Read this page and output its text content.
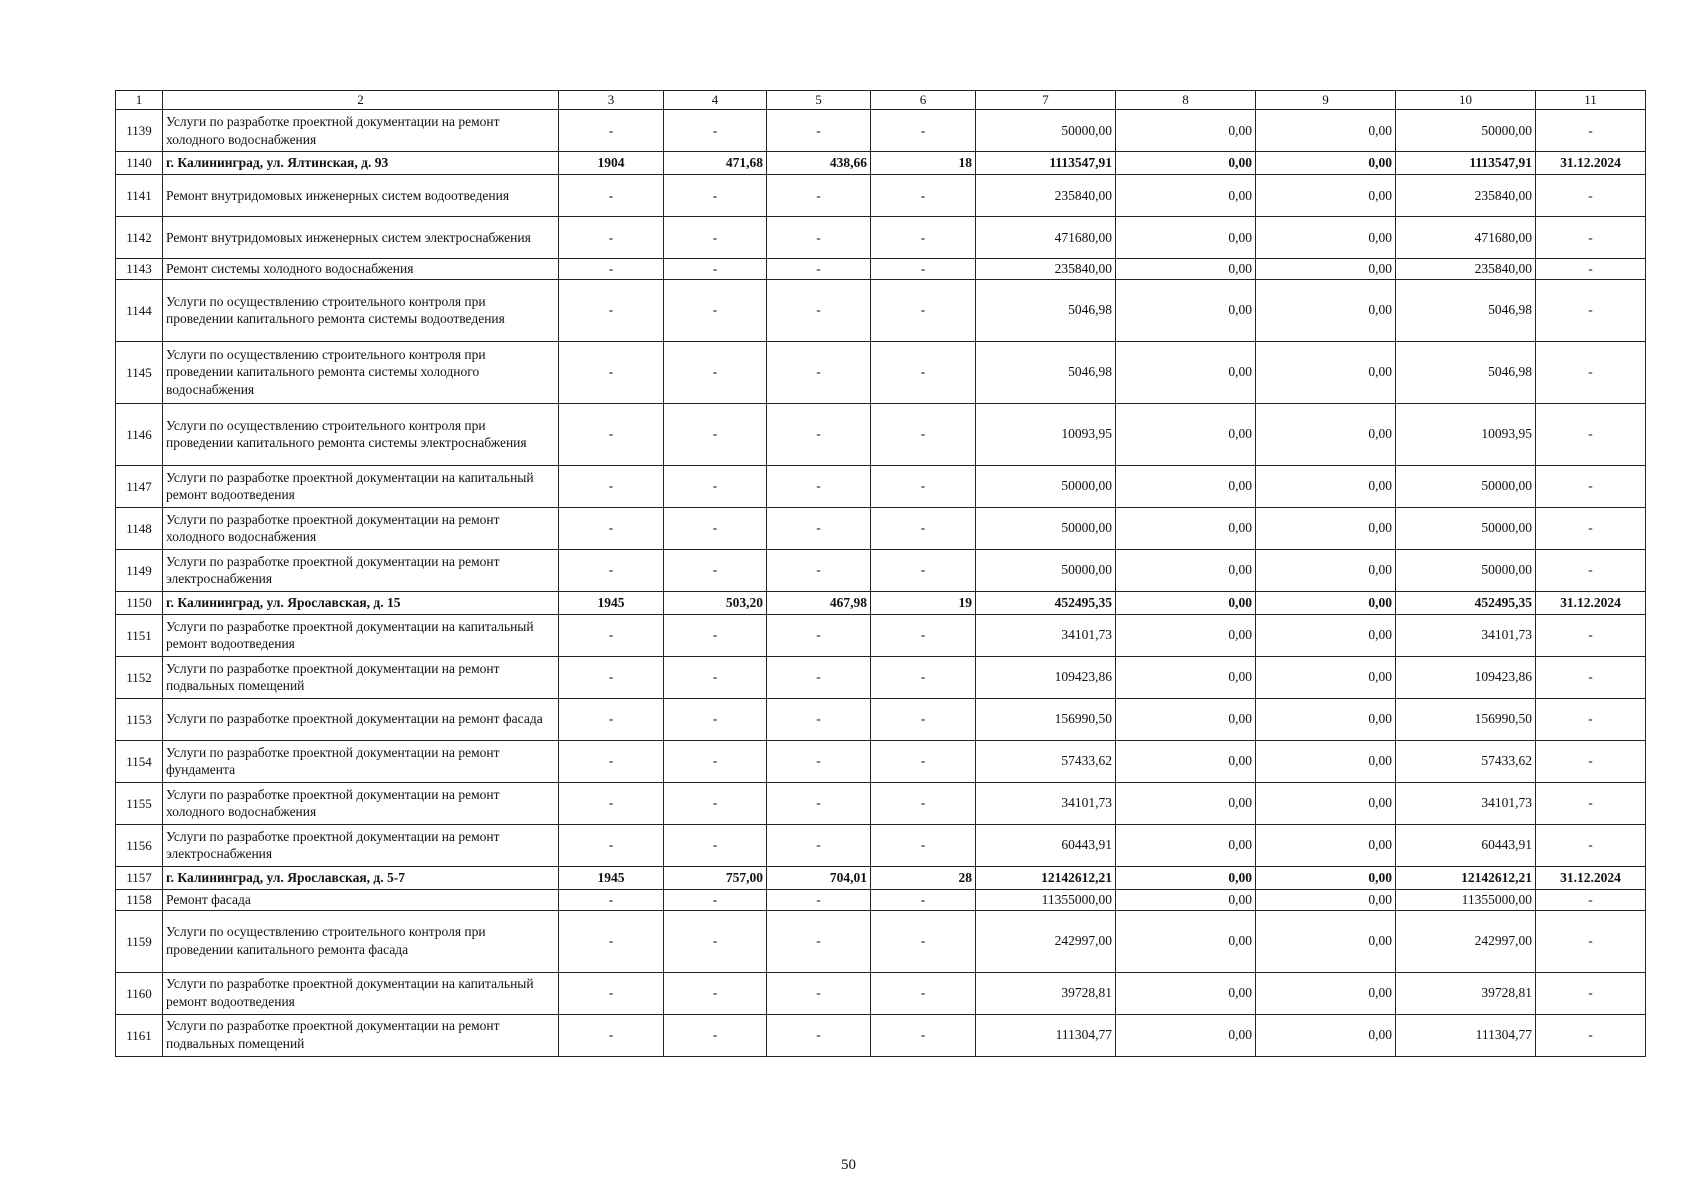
1	2	3	4	5	6	7	8	9	10	11
1139	Услуги по разработке проектной документации на ремонт холодного водоснабжения	-	-	-	-	50000,00	0,00	0,00	50000,00	-
1140	г. Калининград, ул. Ялтинская, д. 93	1904	471,68	438,66	18	1113547,91	0,00	0,00	1113547,91	31.12.2024
1141	Ремонт внутридомовых инженерных систем водоотведения	-	-	-	-	235840,00	0,00	0,00	235840,00	-
1142	Ремонт внутридомовых инженерных систем электроснабжения	-	-	-	-	471680,00	0,00	0,00	471680,00	-
1143	Ремонт системы холодного водоснабжения	-	-	-	-	235840,00	0,00	0,00	235840,00	-
1144	Услуги по осуществлению строительного контроля при проведении капитального ремонта системы водоотведения	-	-	-	-	5046,98	0,00	0,00	5046,98	-
1145	Услуги по осуществлению строительного контроля при проведении капитального ремонта системы холодного водоснабжения	-	-	-	-	5046,98	0,00	0,00	5046,98	-
1146	Услуги по осуществлению строительного контроля при проведении капитального ремонта системы электроснабжения	-	-	-	-	10093,95	0,00	0,00	10093,95	-
1147	Услуги по разработке проектной документации на капитальный ремонт водоотведения	-	-	-	-	50000,00	0,00	0,00	50000,00	-
1148	Услуги по разработке проектной документации на ремонт холодного водоснабжения	-	-	-	-	50000,00	0,00	0,00	50000,00	-
1149	Услуги по разработке проектной документации на ремонт электроснабжения	-	-	-	-	50000,00	0,00	0,00	50000,00	-
1150	г. Калининград, ул. Ярославская, д. 15	1945	503,20	467,98	19	452495,35	0,00	0,00	452495,35	31.12.2024
1151	Услуги по разработке проектной документации на капитальный ремонт водоотведения	-	-	-	-	34101,73	0,00	0,00	34101,73	-
1152	Услуги по разработке проектной документации на ремонт подвальных помещений	-	-	-	-	109423,86	0,00	0,00	109423,86	-
1153	Услуги по разработке проектной документации на ремонт фасада	-	-	-	-	156990,50	0,00	0,00	156990,50	-
1154	Услуги по разработке проектной документации на ремонт фундамента	-	-	-	-	57433,62	0,00	0,00	57433,62	-
1155	Услуги по разработке проектной документации на ремонт холодного водоснабжения	-	-	-	-	34101,73	0,00	0,00	34101,73	-
1156	Услуги по разработке проектной документации на ремонт электроснабжения	-	-	-	-	60443,91	0,00	0,00	60443,91	-
1157	г. Калининград, ул. Ярославская, д. 5-7	1945	757,00	704,01	28	12142612,21	0,00	0,00	12142612,21	31.12.2024
1158	Ремонт фасада	-	-	-	-	11355000,00	0,00	0,00	11355000,00	-
1159	Услуги по осуществлению строительного контроля при проведении капитального ремонта фасада	-	-	-	-	242997,00	0,00	0,00	242997,00	-
1160	Услуги по разработке проектной документации на капитальный ремонт водоотведения	-	-	-	-	39728,81	0,00	0,00	39728,81	-
1161	Услуги по разработке проектной документации на ремонт подвальных помещений	-	-	-	-	111304,77	0,00	0,00	111304,77	-
50
